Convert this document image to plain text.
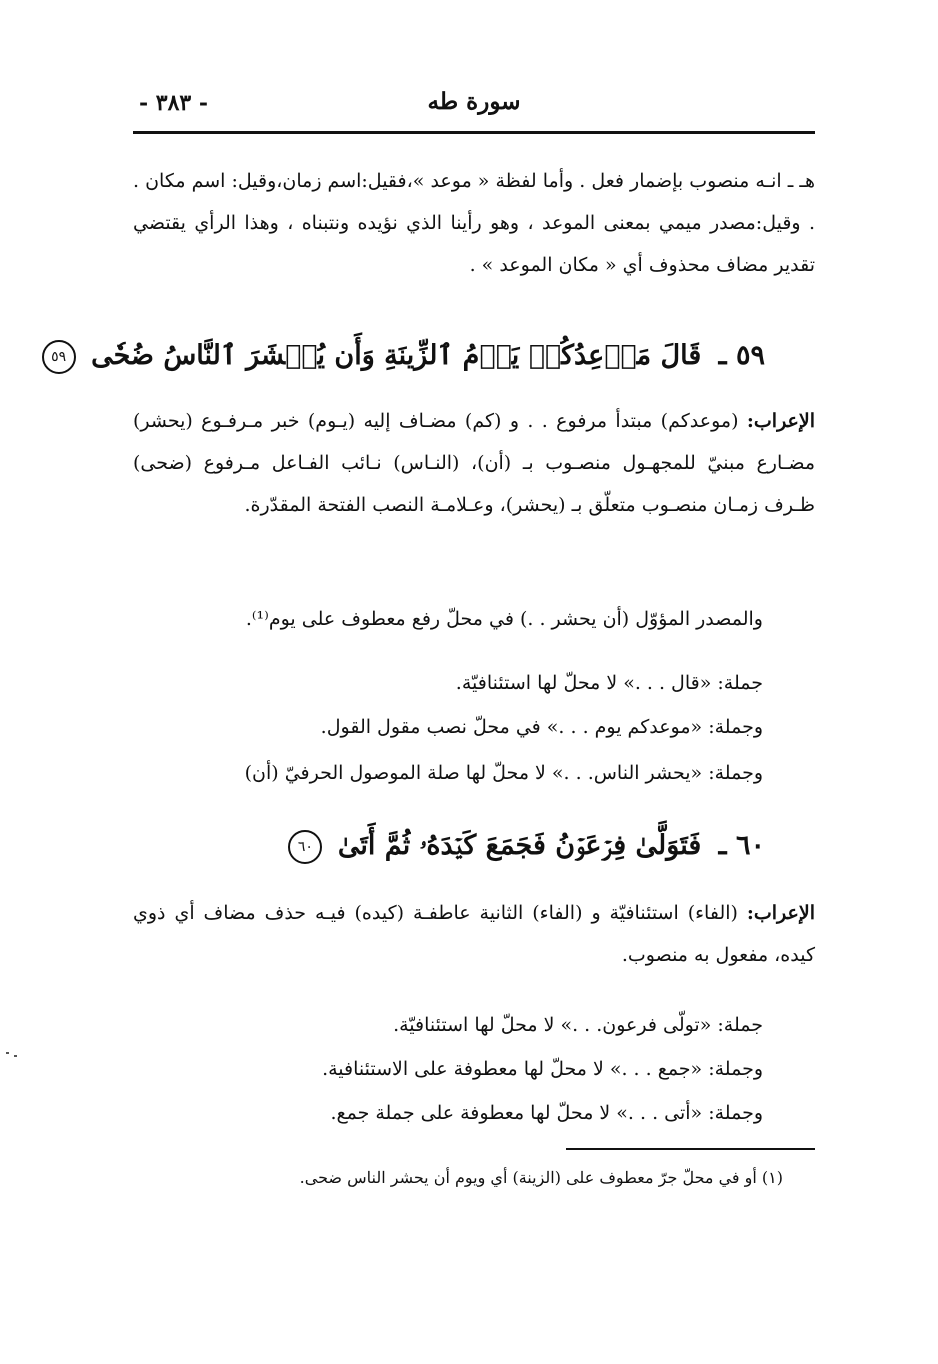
سورة طه
- ٣٨٣ -

هـ ـ انـه منصوب بإضمار فعل . وأما لفظة « موعد »،فقيل:اسم زمان،وقيل: اسم مكان . . وقيل:مصدر ميمي بمعنى الموعد ، وهو رأينا الذي نؤيده ونتبناه ، وهذا الرأي يقتضي تقدير مضاف محذوف أي « مكان الموعد » .

٥٩ ـ قَالَ مَوۡعِدُكُمۡ يَوۡمُ ٱلزِّينَةِ وَأَن يُحۡشَرَ ٱلنَّاسُ ضُحٗى ٥٩

الإعراب: (موعدكم) مبتدأ مرفوع . . و (كم) مضـاف إليه (يـوم) خبر مـرفـوع (يحشر) مضـارع مبنيّ للمجهـول منصـوب بـ (أن)، (النـاس) نـائب الفـاعل مـرفوع (ضحى) ظـرف زمـان منصـوب متعلّق بـ (يحشر)، وعـلامـة النصب الفتحة المقدّرة.

والمصدر المؤوّل (أن يحشر . .) في محلّ رفع معطوف على يوم⁽¹⁾.
جملة: «قال . . .» لا محلّ لها استئنافيّة.
وجملة: «موعدكم يوم . . .» في محلّ نصب مقول القول.
وجملة: «يحشر الناس. . .» لا محلّ لها صلة الموصول الحرفيّ (أن)
٦٠ ـ فَتَوَلَّىٰ فِرۡعَوۡنُ فَجَمَعَ كَيۡدَهُۥ ثُمَّ أَتَىٰ ٦٠

الإعراب: (الفاء) استئنافيّة و (الفاء) الثانية عاطفـة (كيده) فيـه حذف مضاف أي ذوي كيده، مفعول به منصوب.

جملة: «تولّى فرعون. . .» لا محلّ لها استئنافيّة.
وجملة: «جمع . . .» لا محلّ لها معطوفة على الاستئنافية.
وجملة: «أتى . . .» لا محلّ لها معطوفة على جملة جمع.
(١) أو في محلّ جرّ معطوف على (الزينة) أي ويوم أن يحشر الناس ضحى.
